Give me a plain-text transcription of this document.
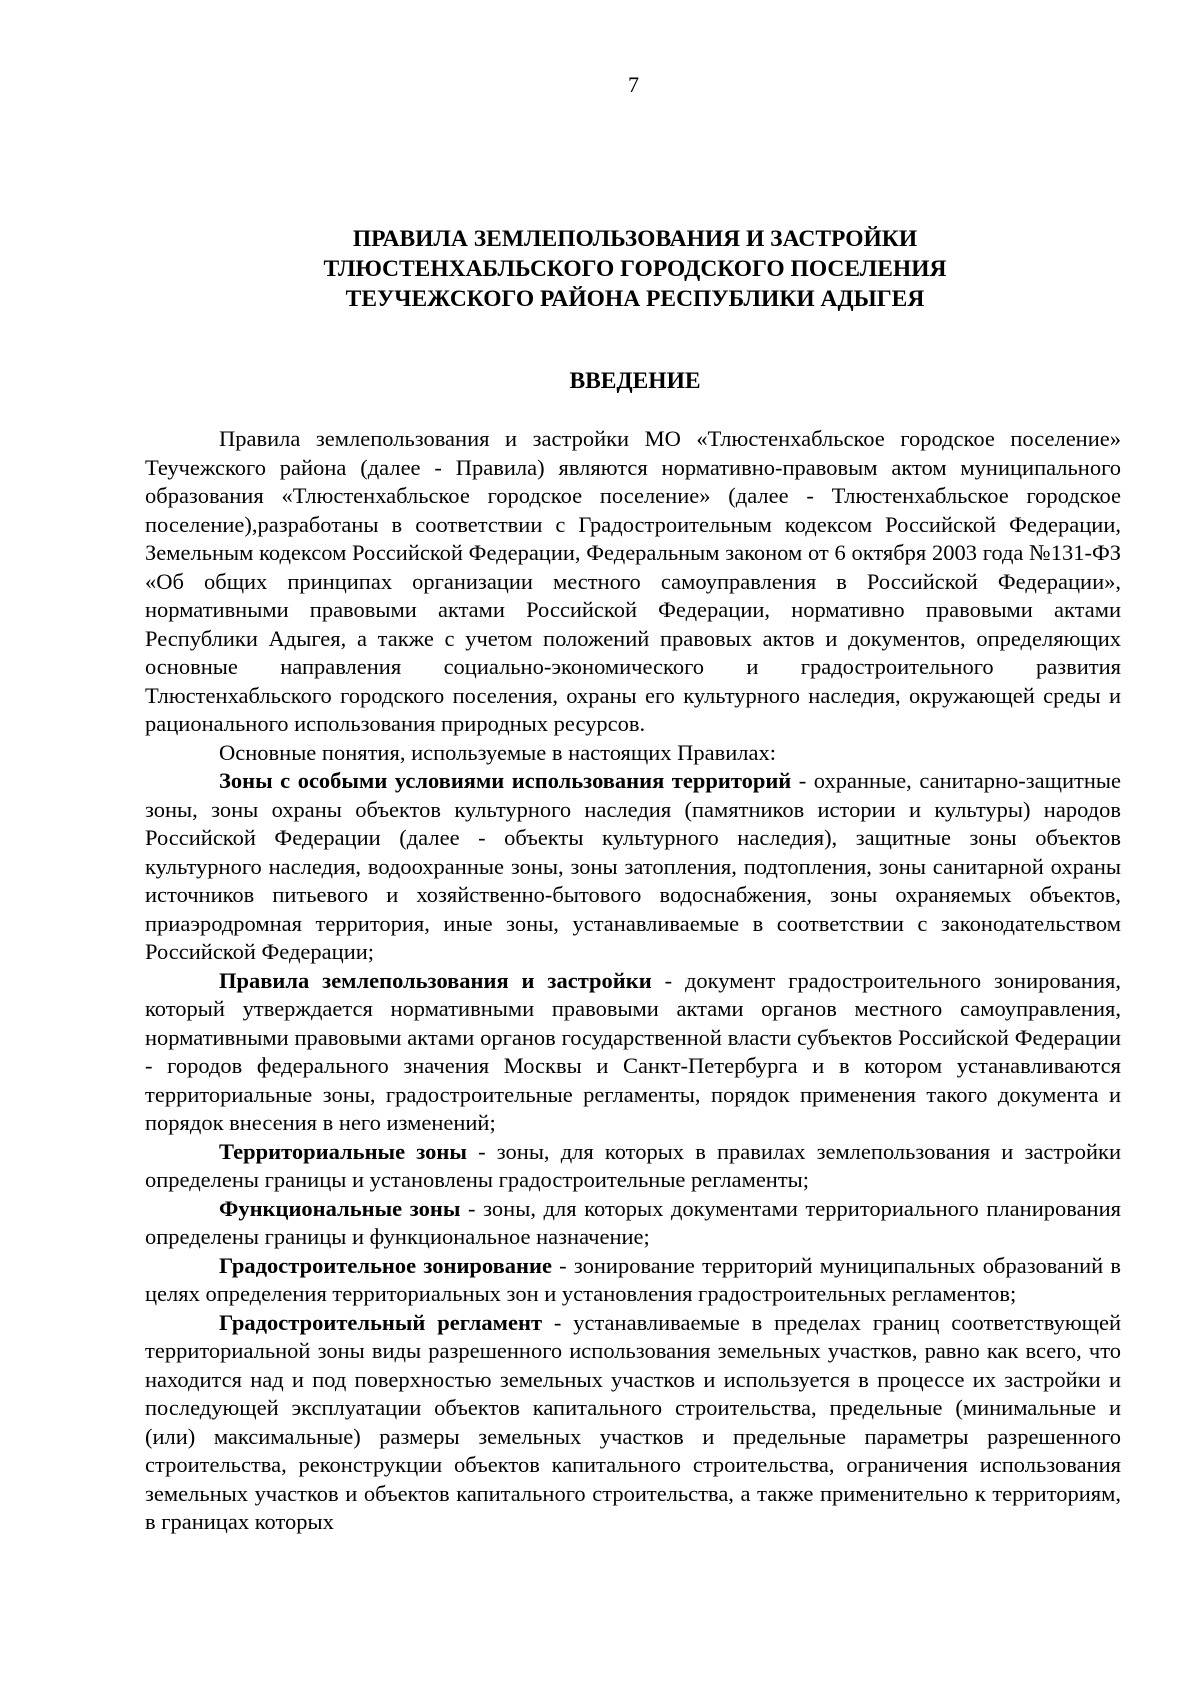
7
ПРАВИЛА ЗЕМЛЕПОЛЬЗОВАНИЯ И ЗАСТРОЙКИ
ТЛЮСТЕНХАБЛЬСКОГО ГОРОДСКОГО ПОСЕЛЕНИЯ
ТЕУЧЕЖСКОГО РАЙОНА РЕСПУБЛИКИ АДЫГЕЯ
ВВЕДЕНИЕ

Правила землепользования и застройки МО «Тлюстенхабльское городское поселение» Теучежского района (далее - Правила) являются нормативно-правовым актом муниципального образования «Тлюстенхабльское городское поселение» (далее - Тлюстенхабльское городское поселение),разработаны в соответствии с Градостроительным кодексом Российской Федерации, Земельным кодексом Российской Федерации, Федеральным законом от 6 октября 2003 года №131-ФЗ «Об общих принципах организации местного самоуправления в Российской Федерации», нормативными правовыми актами Российской Федерации, нормативно правовыми актами Республики Адыгея, а также с учетом положений правовых актов и документов, определяющих основные направления социально-экономического и градостроительного развития Тлюстенхабльского городского поселения, охраны его культурного наследия, окружающей среды и рационального использования природных ресурсов.

Основные понятия, используемые в настоящих Правилах:

Зоны с особыми условиями использования территорий - охранные, санитарно-защитные зоны, зоны охраны объектов культурного наследия (памятников истории и культуры) народов Российской Федерации (далее - объекты культурного наследия), защитные зоны объектов культурного наследия, водоохранные зоны, зоны затопления, подтопления, зоны санитарной охраны источников питьевого и хозяйственно-бытового водоснабжения, зоны охраняемых объектов, приаэродромная территория, иные зоны, устанавливаемые в соответствии с законодательством Российской Федерации;

Правила землепользования и застройки - документ градостроительного зонирования, который утверждается нормативными правовыми актами органов местного самоуправления, нормативными правовыми актами органов государственной власти субъектов Российской Федерации - городов федерального значения Москвы и Санкт-Петербурга и в котором устанавливаются территориальные зоны, градостроительные регламенты, порядок применения такого документа и порядок внесения в него изменений;

Территориальные зоны - зоны, для которых в правилах землепользования и застройки определены границы и установлены градостроительные регламенты;

Функциональные зоны - зоны, для которых документами территориального планирования определены границы и функциональное назначение;

Градостроительное зонирование - зонирование территорий муниципальных образований в целях определения территориальных зон и установления градостроительных регламентов;

Градостроительный регламент - устанавливаемые в пределах границ соответствующей территориальной зоны виды разрешенного использования земельных участков, равно как всего, что находится над и под поверхностью земельных участков и используется в процессе их застройки и последующей эксплуатации объектов капитального строительства, предельные (минимальные и (или) максимальные) размеры земельных участков и предельные параметры разрешенного строительства, реконструкции объектов капитального строительства, ограничения использования земельных участков и объектов капитального строительства, а также применительно к территориям, в границах которых
